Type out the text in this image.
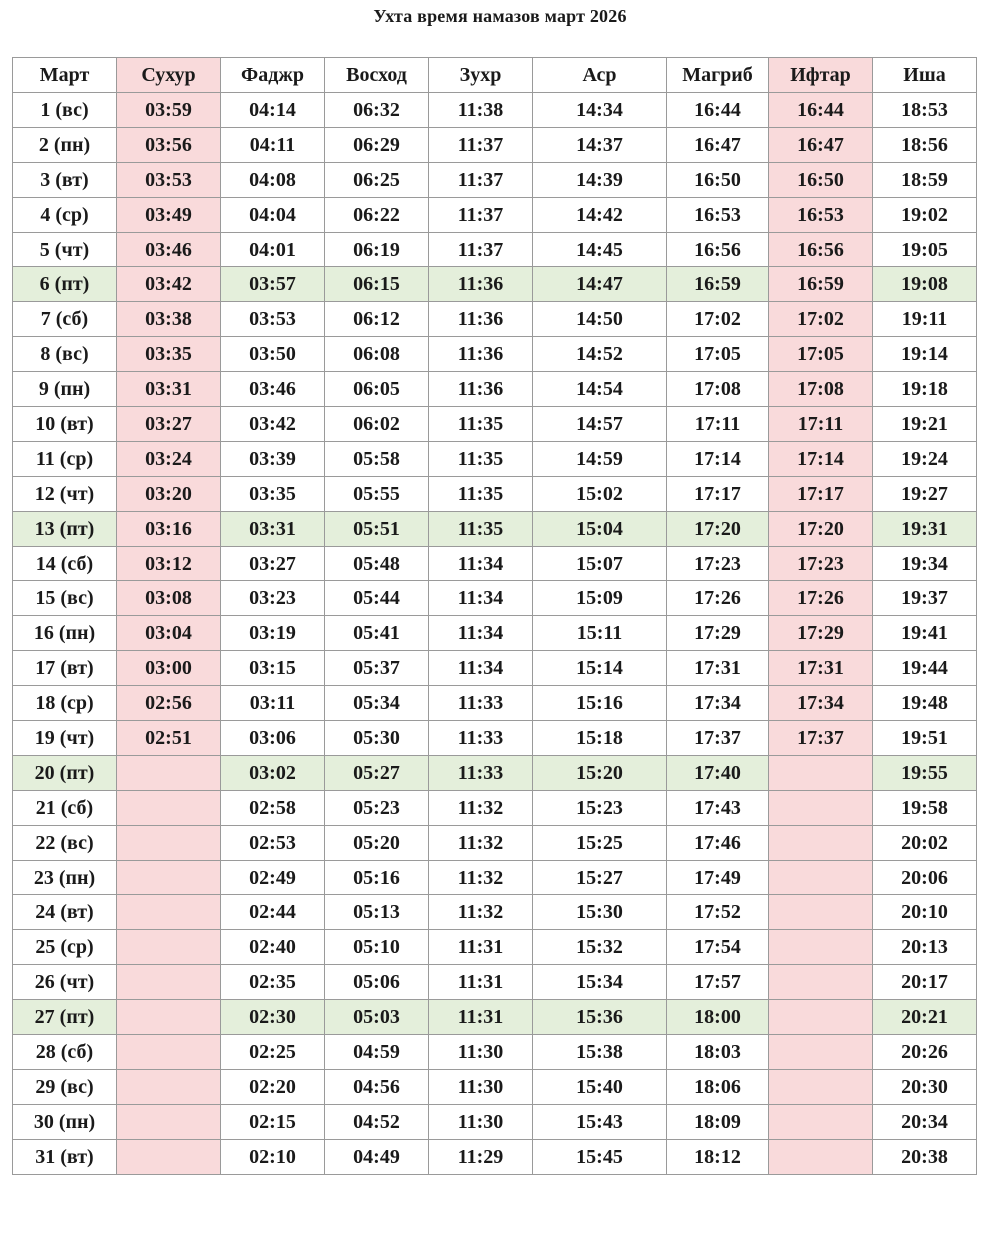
Ухта время намазов март 2026
Март	Сухур	Фаджр	Восход	Зухр	Аср	Магриб	Ифтар	Иша
1 (вс)	03:59	04:14	06:32	11:38	14:34	16:44	16:44	18:53
2 (пн)	03:56	04:11	06:29	11:37	14:37	16:47	16:47	18:56
3 (вт)	03:53	04:08	06:25	11:37	14:39	16:50	16:50	18:59
4 (ср)	03:49	04:04	06:22	11:37	14:42	16:53	16:53	19:02
5 (чт)	03:46	04:01	06:19	11:37	14:45	16:56	16:56	19:05
6 (пт)	03:42	03:57	06:15	11:36	14:47	16:59	16:59	19:08
7 (сб)	03:38	03:53	06:12	11:36	14:50	17:02	17:02	19:11
8 (вс)	03:35	03:50	06:08	11:36	14:52	17:05	17:05	19:14
9 (пн)	03:31	03:46	06:05	11:36	14:54	17:08	17:08	19:18
10 (вт)	03:27	03:42	06:02	11:35	14:57	17:11	17:11	19:21
11 (ср)	03:24	03:39	05:58	11:35	14:59	17:14	17:14	19:24
12 (чт)	03:20	03:35	05:55	11:35	15:02	17:17	17:17	19:27
13 (пт)	03:16	03:31	05:51	11:35	15:04	17:20	17:20	19:31
14 (сб)	03:12	03:27	05:48	11:34	15:07	17:23	17:23	19:34
15 (вс)	03:08	03:23	05:44	11:34	15:09	17:26	17:26	19:37
16 (пн)	03:04	03:19	05:41	11:34	15:11	17:29	17:29	19:41
17 (вт)	03:00	03:15	05:37	11:34	15:14	17:31	17:31	19:44
18 (ср)	02:56	03:11	05:34	11:33	15:16	17:34	17:34	19:48
19 (чт)	02:51	03:06	05:30	11:33	15:18	17:37	17:37	19:51
20 (пт)		03:02	05:27	11:33	15:20	17:40		19:55
21 (сб)		02:58	05:23	11:32	15:23	17:43		19:58
22 (вс)		02:53	05:20	11:32	15:25	17:46		20:02
23 (пн)		02:49	05:16	11:32	15:27	17:49		20:06
24 (вт)		02:44	05:13	11:32	15:30	17:52		20:10
25 (ср)		02:40	05:10	11:31	15:32	17:54		20:13
26 (чт)		02:35	05:06	11:31	15:34	17:57		20:17
27 (пт)		02:30	05:03	11:31	15:36	18:00		20:21
28 (сб)		02:25	04:59	11:30	15:38	18:03		20:26
29 (вс)		02:20	04:56	11:30	15:40	18:06		20:30
30 (пн)		02:15	04:52	11:30	15:43	18:09		20:34
31 (вт)		02:10	04:49	11:29	15:45	18:12		20:38
